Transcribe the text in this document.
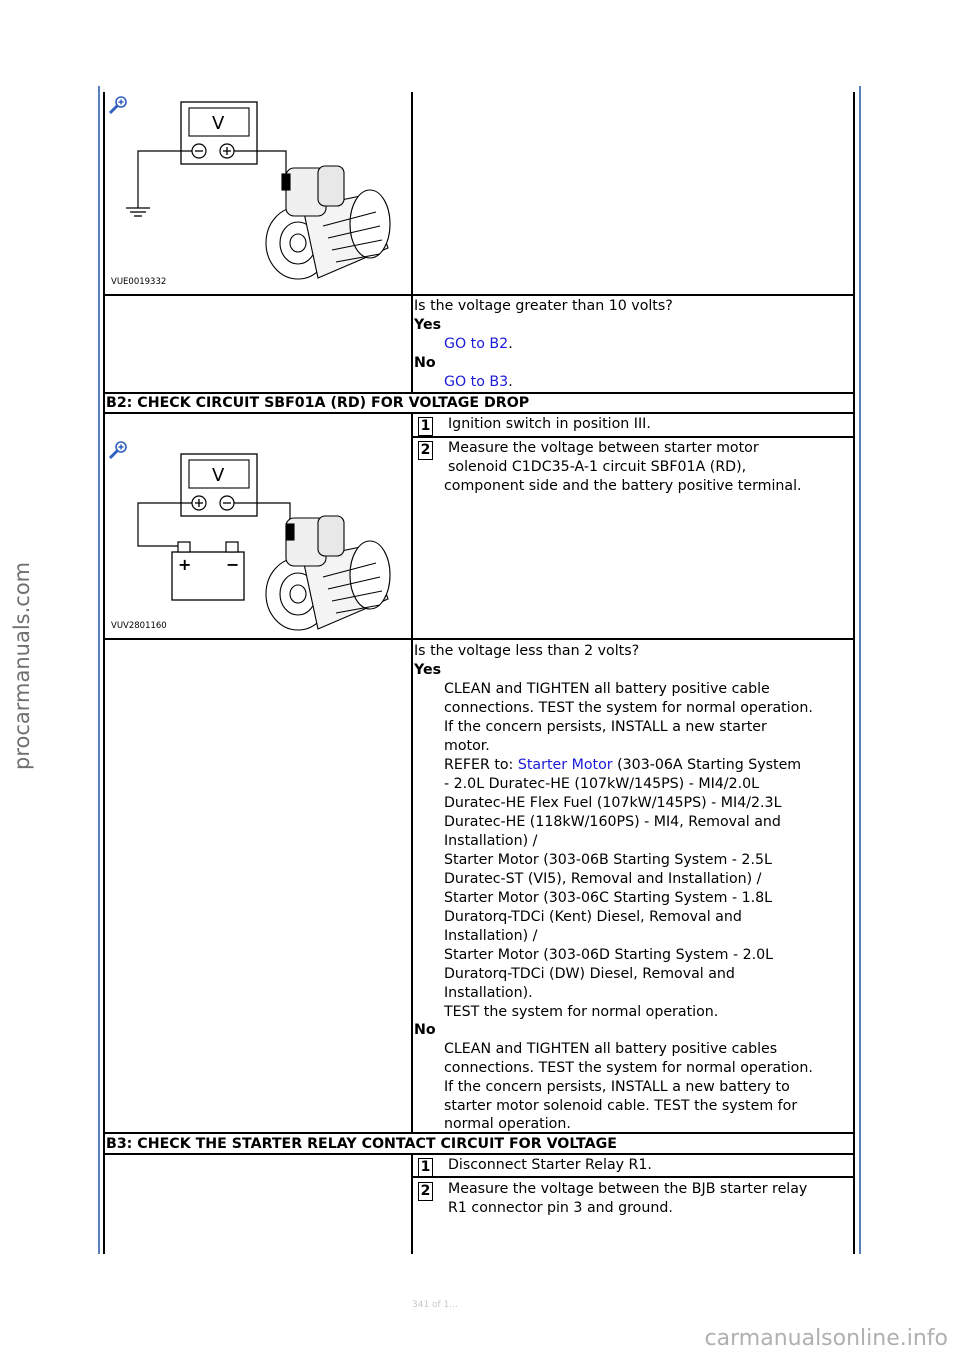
V
VUE0019332
Is the voltage greater than 10 volts?
Yes
GO to B2.
No
GO to B3.
B2: CHECK CIRCUIT SBF01A (RD) FOR VOLTAGE DROP
1 Ignition switch in position III.
2 Measure the voltage between starter motor
solenoid C1DC35-A-1 circuit SBF01A (RD),
component side and the battery positive terminal.
V
+ −
VUV2801160
Is the voltage less than 2 volts?
Yes
CLEAN and TIGHTEN all battery positive cable
connections. TEST the system for normal operation.
If the concern persists, INSTALL a new starter
motor.
REFER to: Starter Motor (303-06A Starting System
- 2.0L Duratec-HE (107kW/145PS) - MI4/2.0L
Duratec-HE Flex Fuel (107kW/145PS) - MI4/2.3L
Duratec-HE (118kW/160PS) - MI4, Removal and
Installation) /
Starter Motor (303-06B Starting System - 2.5L
Duratec-ST (VI5), Removal and Installation) /
Starter Motor (303-06C Starting System - 1.8L
Duratorq-TDCi (Kent) Diesel, Removal and
Installation) /
Starter Motor (303-06D Starting System - 2.0L
Duratorq-TDCi (DW) Diesel, Removal and
Installation).
TEST the system for normal operation.
No
CLEAN and TIGHTEN all battery positive cables
connections. TEST the system for normal operation.
If the concern persists, INSTALL a new battery to
starter motor solenoid cable. TEST the system for
normal operation.
B3: CHECK THE STARTER RELAY CONTACT CIRCUIT FOR VOLTAGE
1 Disconnect Starter Relay R1.
2 Measure the voltage between the BJB starter relay
R1 connector pin 3 and ground.
procarmanuals.com
341 of 1...
carmanualsonline.info
